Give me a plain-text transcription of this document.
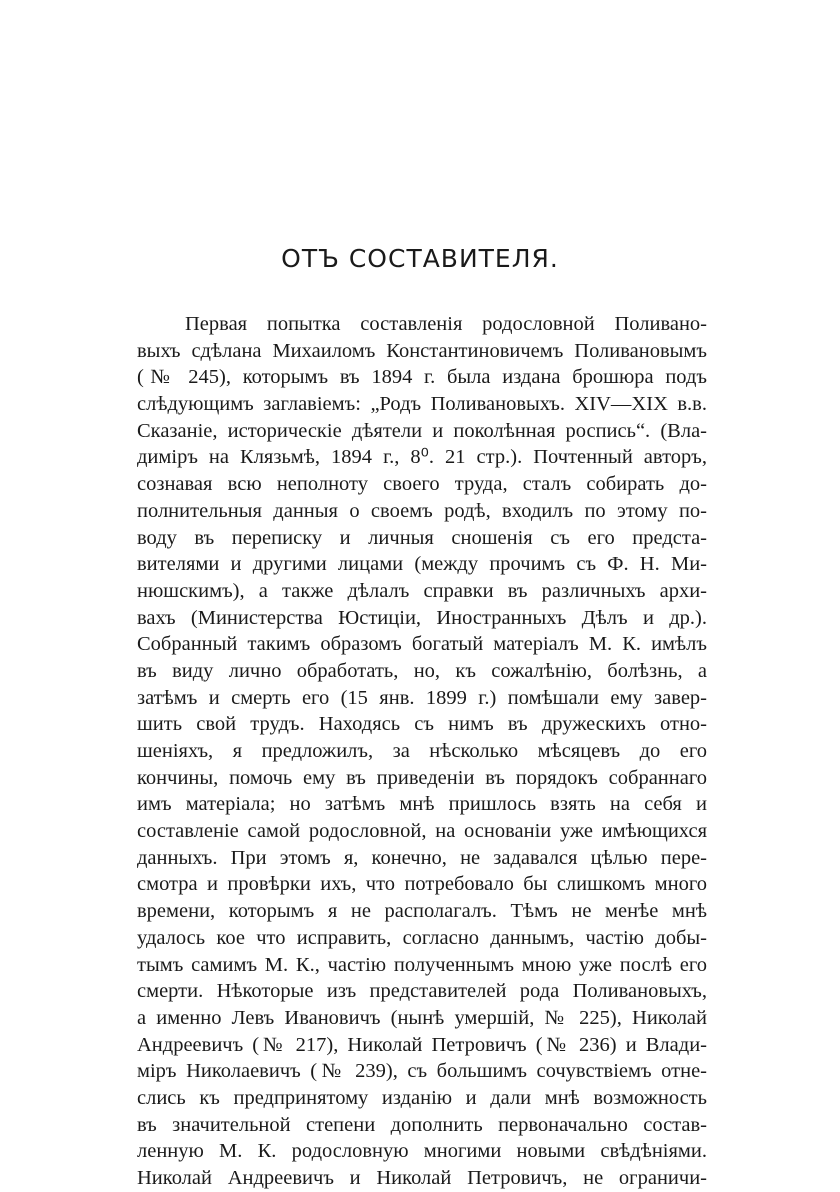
ОТЪ СОСТАВИТЕЛЯ.
Первая попытка составленія родословной Поливано-
выхъ сдѣлана Михаиломъ Константиновичемъ Поливановымъ
(№ 245), которымъ въ 1894 г. была издана брошюра подъ
слѣдующимъ заглавіемъ: „Родъ Поливановыхъ. XIV—XIX в.в.
Сказаніе, историческіе дѣятели и поколѣнная роспись“. (Вла-
диміръ на Клязьмѣ, 1894 г., 8⁰. 21 стр.). Почтенный авторъ,
сознавая всю неполноту своего труда, сталъ собирать до-
полнительныя данныя о своемъ родѣ, входилъ по этому по-
воду въ переписку и личныя сношенія съ его предста-
вителями и другими лицами (между прочимъ съ Ф. Н. Ми-
нюшскимъ), а также дѣлалъ справки въ различныхъ архи-
вахъ (Министерства Юстиціи, Иностранныхъ Дѣлъ и др.).
Собранный такимъ образомъ богатый матеріалъ М. К. имѣлъ
въ виду лично обработать, но, къ сожалѣнію, болѣзнь, а
затѣмъ и смерть его (15 янв. 1899 г.) помѣшали ему завер-
шить свой трудъ. Находясь съ нимъ въ дружескихъ отно-
шеніяхъ, я предложилъ, за нѣсколько мѣсяцевъ до его
кончины, помочь ему въ приведеніи въ порядокъ собраннаго
имъ матеріала; но затѣмъ мнѣ пришлось взять на себя и
составленіе самой родословной, на основаніи уже имѣющихся
данныхъ. При этомъ я, конечно, не задавался цѣлью пере-
смотра и провѣрки ихъ, что потребовало бы слишкомъ много
времени, которымъ я не располагалъ. Тѣмъ не менѣе мнѣ
удалось кое что исправить, согласно даннымъ, частію добы-
тымъ самимъ М. К., частію полученнымъ мною уже послѣ его
смерти. Нѣкоторые изъ представителей рода Поливановыхъ,
а именно Левъ Ивановичъ (нынѣ умершій, № 225), Николай
Андреевичъ (№ 217), Николай Петровичъ (№ 236) и Влади-
міръ Николаевичъ (№ 239), съ большимъ сочувствіемъ отне-
слись къ предпринятому изданію и дали мнѣ возможность
въ значительной степени дополнить первоначально состав-
ленную М. К. родословную многими новыми свѣдѣніями.
Николай Андреевичъ и Николай Петровичъ, не ограничи-
